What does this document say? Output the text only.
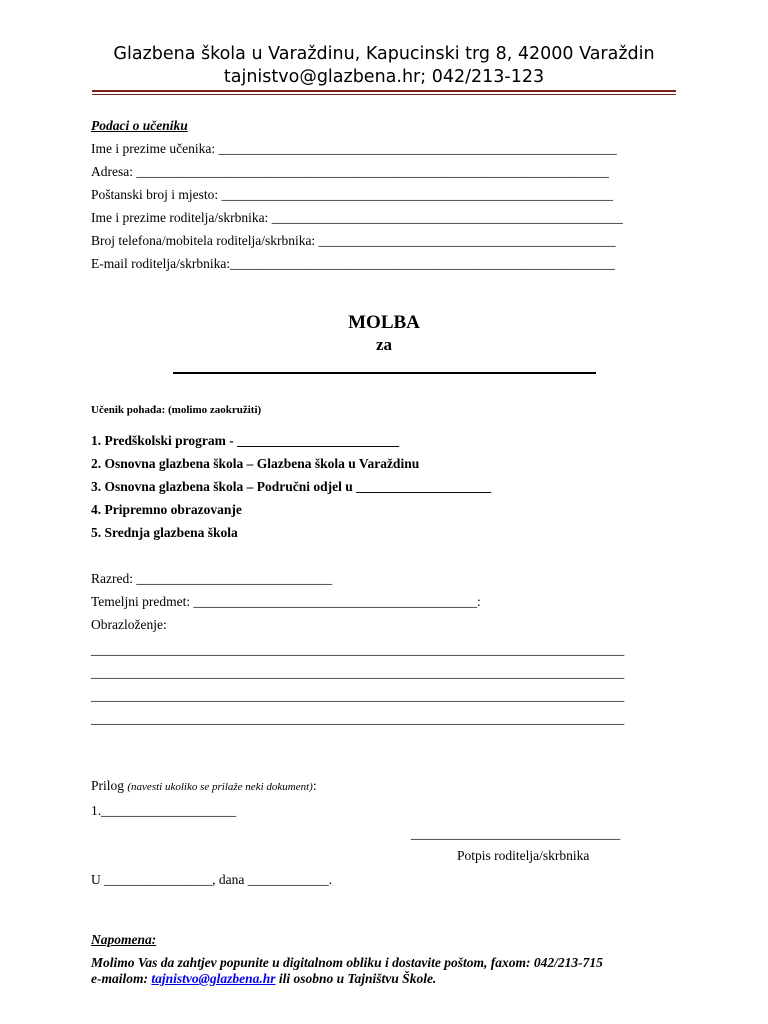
Glazbena škola u Varaždinu, Kapucinski trg 8, 42000 Varaždin
tajnistvo@glazbena.hr; 042/213-123
Podaci o učeniku
Ime i prezime učenika: ___________________________________________________________
Adresa: ______________________________________________________________________
Poštanski broj i mjesto: __________________________________________________________
Ime i prezime roditelja/skrbnika: ____________________________________________________
Broj telefona/mobitela roditelja/skrbnika: ____________________________________________
E-mail roditelja/skrbnika:_________________________________________________________
MOLBA
za
Učenik pohađa: (molimo zaokružiti)
1. Predškolski program - ________________________
2. Osnovna glazbena škola – Glazbena škola u Varaždinu
3. Osnovna glazbena škola – Područni odjel u ____________________
4. Pripremno obrazovanje
5. Srednja glazbena škola
Razred: _____________________________
Temeljni predmet: __________________________________________:
Obrazloženje:
_______________________________________________________________________________
_______________________________________________________________________________
_______________________________________________________________________________
_______________________________________________________________________________
Prilog (navesti ukoliko se prilaže neki dokument):
1.____________________
_______________________________
Potpis roditelja/skrbnika
U ________________, dana ____________.
Napomena:
Molimo Vas da zahtjev popunite u digitalnom obliku i dostavite poštom, faxom: 042/213-715
e-mailom: tajnistvo@glazbena.hr ili osobno u Tajništvu Škole.
